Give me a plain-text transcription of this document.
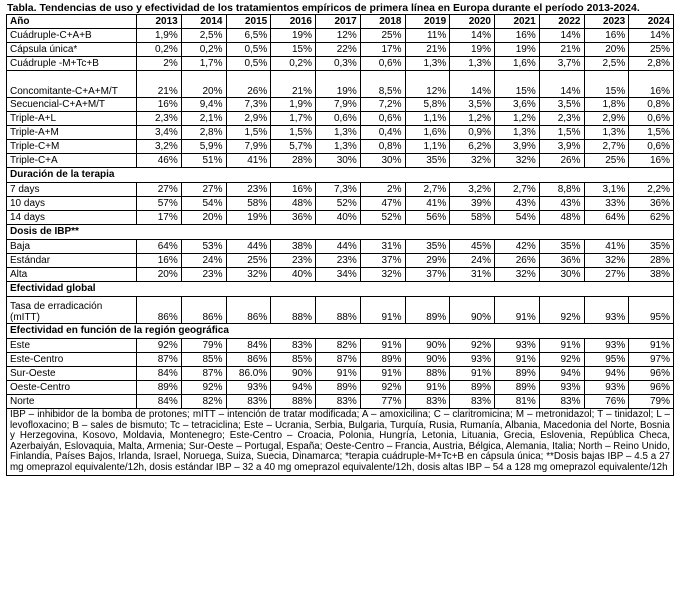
Tabla. Tendencias de uso y efectividad de los tratamientos empíricos de primera línea en Europa durante el período 2013-2024.
Año	2013	2014	2015	2016	2017	2018	2019	2020	2021	2022	2023	2024
Cuádruple-C+A+B	1,9%	2,5%	6,5%	19%	12%	25%	11%	14%	16%	14%	16%	14%
Cápsula única*	0,2%	0,2%	0,5%	15%	22%	17%	21%	19%	19%	21%	20%	25%
Cuádruple -M+Tc+B	2%	1,7%	0,5%	0,2%	0,3%	0,6%	1,3%	1,3%	1,6%	3,7%	2,5%	2,8%
Concomitante-C+A+M/T	21%	20%	26%	21%	19%	8,5%	12%	14%	15%	14%	15%	16%
Secuencial-C+A+M/T	16%	9,4%	7,3%	1,9%	7,9%	7,2%	5,8%	3,5%	3,6%	3,5%	1,8%	0,8%
Triple-A+L	2,3%	2,1%	2,9%	1,7%	0,6%	0,6%	1,1%	1,2%	1,2%	2,3%	2,9%	0,6%
Triple-A+M	3,4%	2,8%	1,5%	1,5%	1,3%	0,4%	1,6%	0,9%	1,3%	1,5%	1,3%	1,5%
Triple-C+M	3,2%	5,9%	7,9%	5,7%	1,3%	0,8%	1,1%	6,2%	3,9%	3,9%	2,7%	0,6%
Triple-C+A	46%	51%	41%	28%	30%	30%	35%	32%	32%	26%	25%	16%
Duración de la terapia												
7 days	27%	27%	23%	16%	7,3%	2%	2,7%	3,2%	2,7%	8,8%	3,1%	2,2%
10 days	57%	54%	58%	48%	52%	47%	41%	39%	43%	43%	33%	36%
14 days	17%	20%	19%	36%	40%	52%	56%	58%	54%	48%	64%	62%
Dosis de IBP**												
Baja	64%	53%	44%	38%	44%	31%	35%	45%	42%	35%	41%	35%
Estándar	16%	24%	25%	23%	23%	37%	29%	24%	26%	36%	32%	28%
Alta	20%	23%	32%	40%	34%	32%	37%	31%	32%	30%	27%	38%
Efectividad global												
Tasa de erradicación (mITT)	86%	86%	86%	88%	88%	91%	89%	90%	91%	92%	93%	95%
Efectividad en función de la región geográfica												
Este	92%	79%	84%	83%	82%	91%	90%	92%	93%	91%	93%	91%
Este-Centro	87%	85%	86%	85%	87%	89%	90%	93%	91%	92%	95%	97%
Sur-Oeste	84%	87%	86.0%	90%	91%	91%	88%	91%	89%	94%	94%	96%
Oeste-Centro	89%	92%	93%	94%	89%	92%	91%	89%	89%	93%	93%	96%
Norte	84%	82%	83%	88%	83%	77%	83%	83%	81%	83%	76%	79%
IBP – inhibidor de la bomba de protones; mITT – intención de tratar modificada; A – amoxicilina; C – claritromicina; M – metronidazol; T – tinidazol; L – levofloxacino; B – sales de bismuto; Tc – tetraciclina; Este – Ucrania, Serbia, Bulgaria, Turquía, Rusia, Rumanía, Albania, Macedonia del Norte, Bosnia y Herzegovina, Kosovo, Moldavia, Montenegro; Este-Centro – Croacia, Polonia, Hungría, Letonia, Lituania, Grecia, Eslovenia, República Checa, Azerbaiyán, Eslovaquia, Malta, Armenia; Sur-Oeste – Portugal, España; Oeste-Centro – Francia, Austria, Bélgica, Alemania, Italia; North – Reino Unido, Finlandia, Países Bajos, Irlanda, Israel, Noruega, Suiza, Suecia, Dinamarca; *terapia cuádruple-M+Tc+B en cápsula única; **Dosis bajas IBP – 4.5 a 27 mg omeprazol equivalente/12h, dosis estándar IBP – 32 a 40 mg omeprazol equivalente/12h, dosis altas IBP – 54 a 128 mg omeprazol equivalente/12h												
